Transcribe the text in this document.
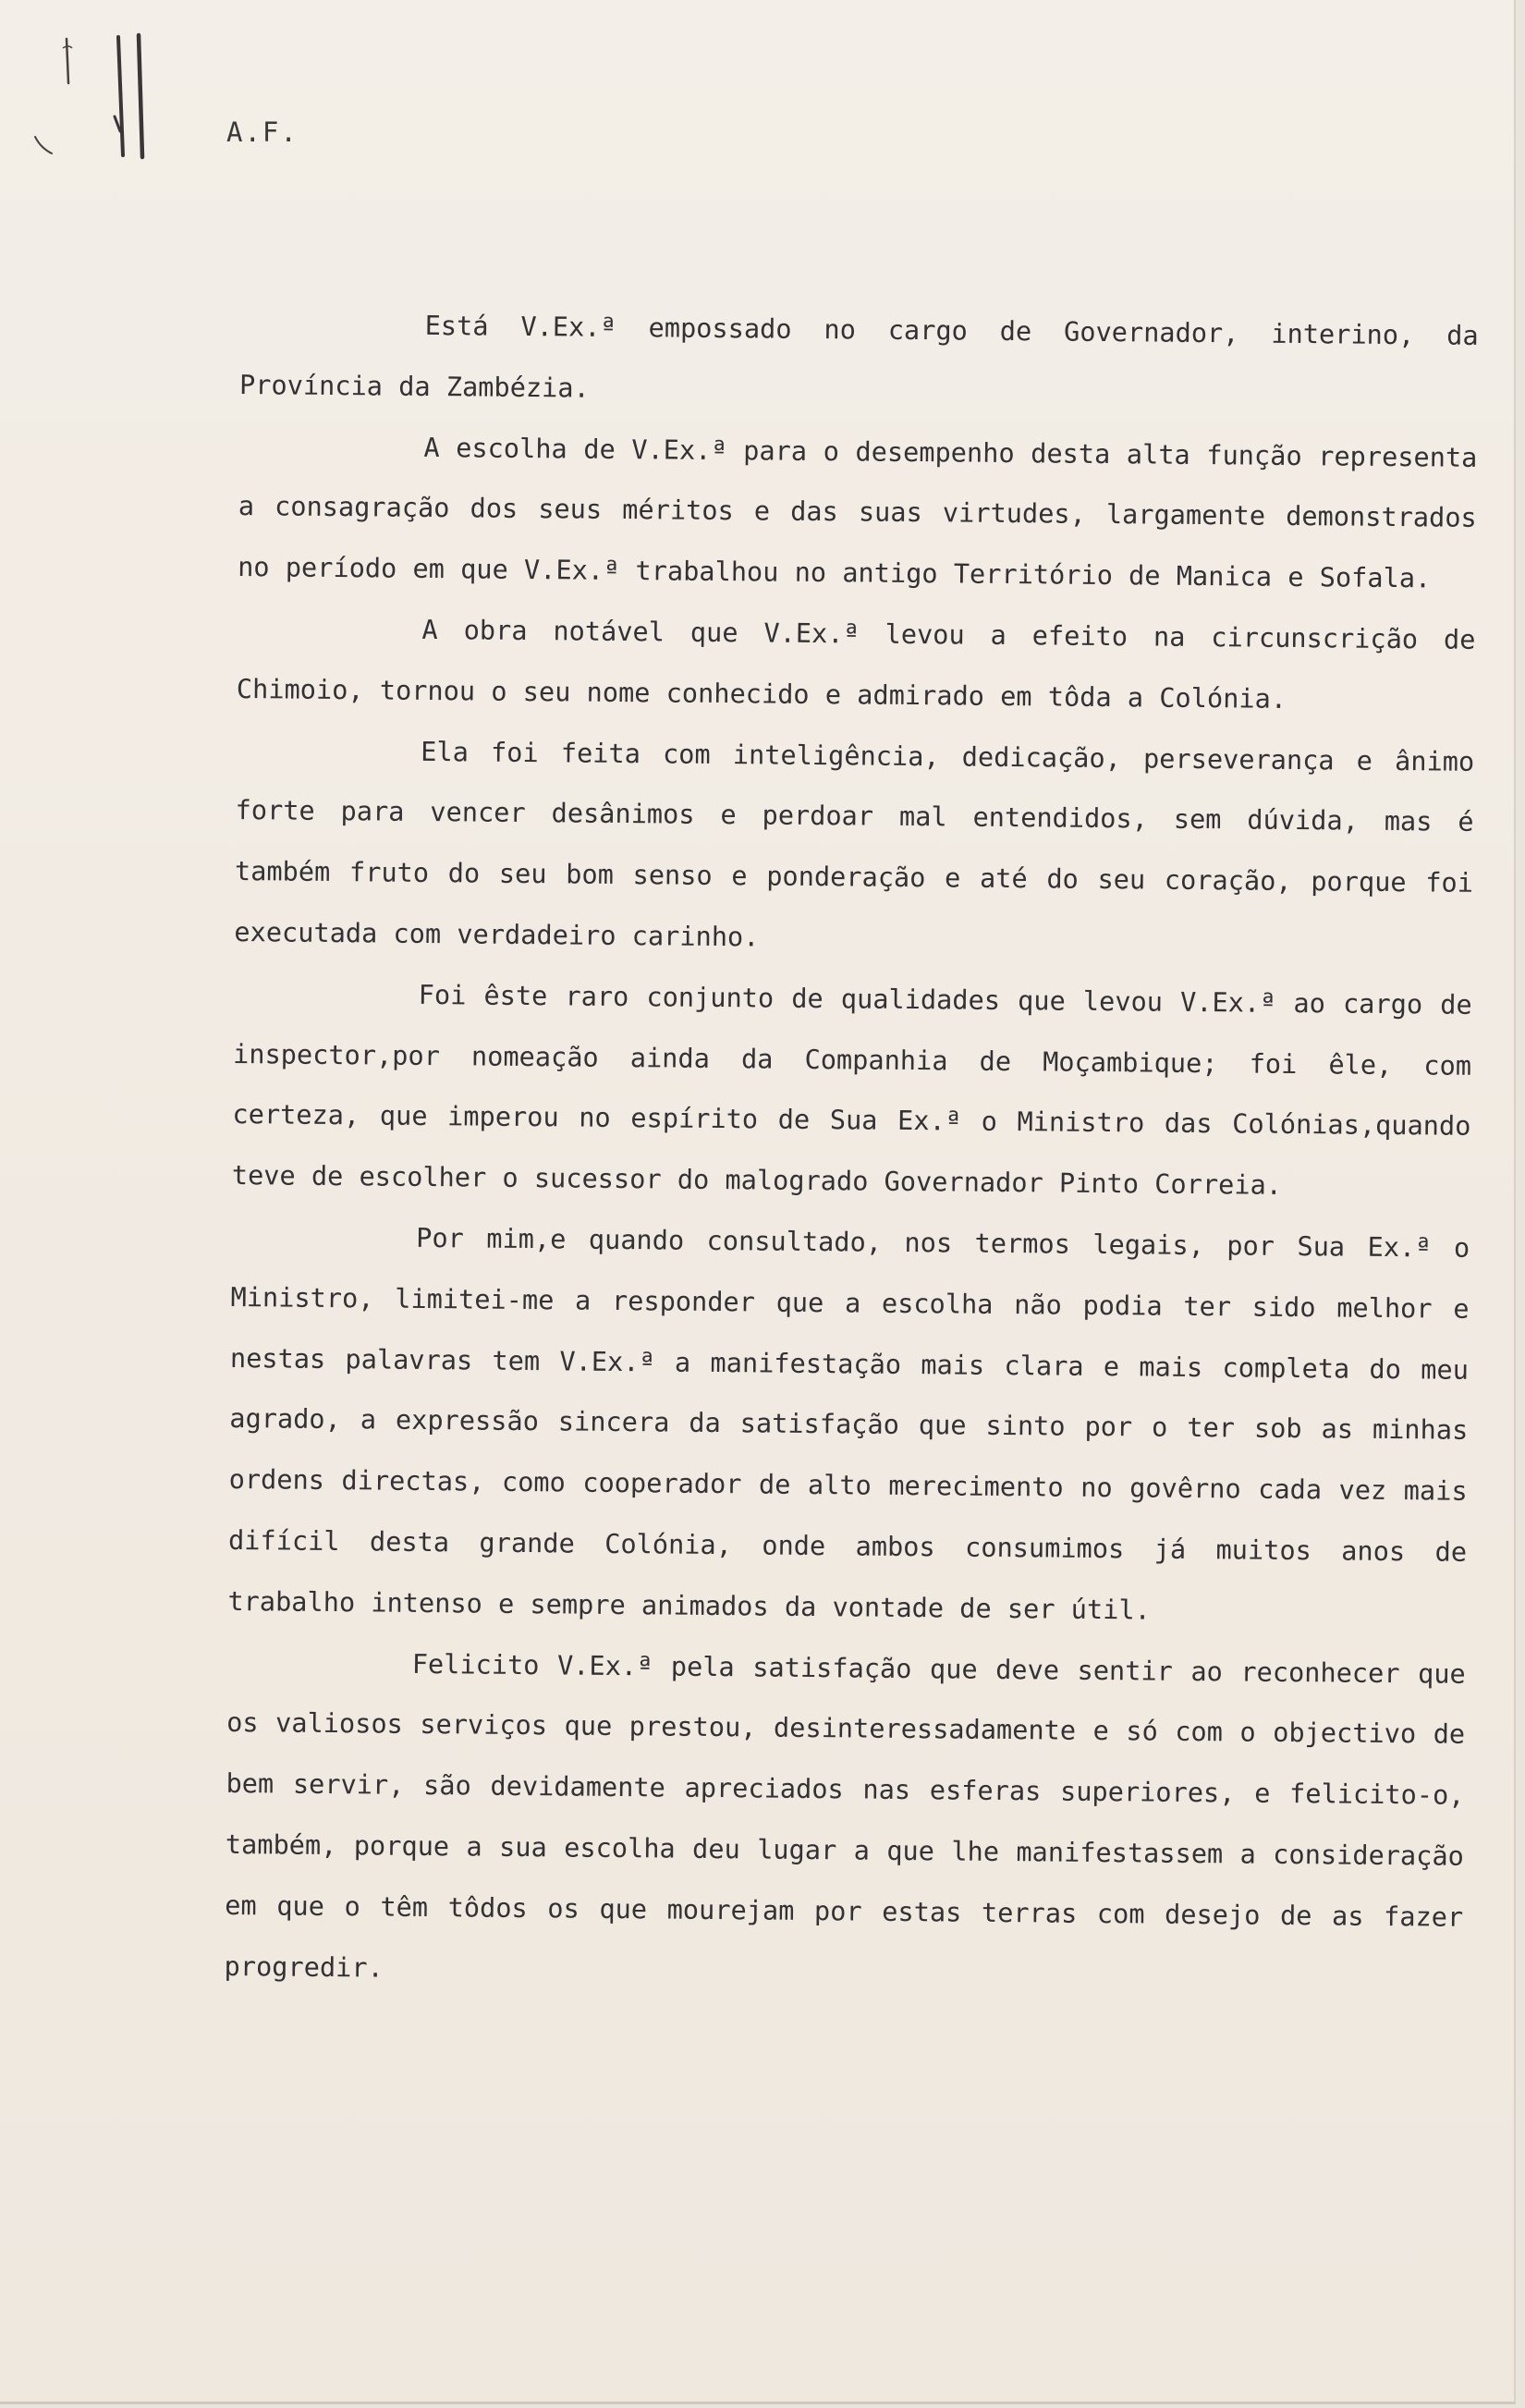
A.F.

Está V.Ex.ª empossado no cargo de Governador, interino, da Província da Zambézia.

A escolha de V.Ex.ª para o desempenho desta alta função representa a consagração dos seus méritos e das suas virtudes, largamente demonstrados no período em que V.Ex.ª trabalhou no antigo Território de Manica e Sofala.

A obra notável que V.Ex.ª levou a efeito na circunscrição de Chimoio, tornou o seu nome conhecido e admirado em tôda a Colónia.

Ela foi feita com inteligência, dedicação, perseverança e ânimo forte para vencer desânimos e perdoar mal entendidos, sem dúvida, mas é também fruto do seu bom senso e ponderação e até do seu coração, porque foi executada com verdadeiro carinho.

Foi êste raro conjunto de qualidades que levou V.Ex.ª ao cargo de inspector,por nomeação ainda da Companhia de Moçambique; foi êle, com certeza, que imperou no espírito de Sua Ex.ª o Ministro das Colónias,quando teve de escolher o sucessor do malogrado Governador Pinto Correia.

Por mim,e quando consultado, nos termos legais, por Sua Ex.ª o Ministro, limitei-me a responder que a escolha não podia ter sido melhor e nestas palavras tem V.Ex.ª a manifestação mais clara e mais completa do meu agrado, a expressão sincera da satisfação que sinto por o ter sob as minhas ordens directas, como cooperador de alto merecimento no govêrno cada vez mais difícil desta grande Colónia, onde ambos consumimos já muitos anos de trabalho intenso e sempre animados da vontade de ser útil.

Felicito V.Ex.ª pela satisfação que deve sentir ao reconhecer que os valiosos serviços que prestou, desinteressadamente e só com o objectivo de bem servir, são devidamente apreciados nas esferas superiores, e felicito-o, também, porque a sua escolha deu lugar a que lhe manifestassem a consideração em que o têm tôdos os que mourejam por estas terras com desejo de as fazer progredir.
